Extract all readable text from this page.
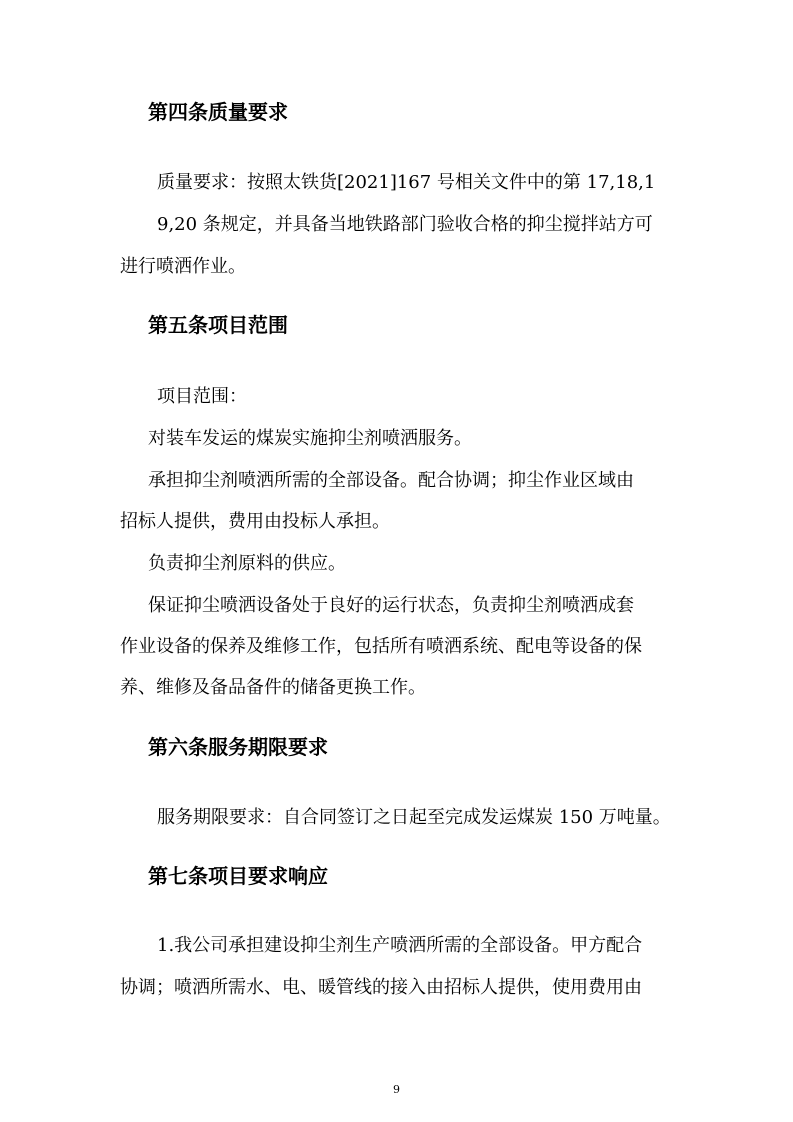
第四条质量要求
质量要求：按照太铁货[2021]167 号相关文件中的第 17,18,1
9,20 条规定，并具备当地铁路部门验收合格的抑尘搅拌站方可
进行喷洒作业。
第五条项目范围
项目范围：
对装车发运的煤炭实施抑尘剂喷洒服务。
承担抑尘剂喷洒所需的全部设备。配合协调；抑尘作业区域由
招标人提供，费用由投标人承担。
负责抑尘剂原料的供应。
保证抑尘喷洒设备处于良好的运行状态，负责抑尘剂喷洒成套
作业设备的保养及维修工作，包括所有喷洒系统、配电等设备的保
养、维修及备品备件的储备更换工作。
第六条服务期限要求
服务期限要求：自合同签订之日起至完成发运煤炭 150 万吨量。
第七条项目要求响应
1.我公司承担建设抑尘剂生产喷洒所需的全部设备。甲方配合
协调；喷洒所需水、电、暖管线的接入由招标人提供，使用费用由
9
